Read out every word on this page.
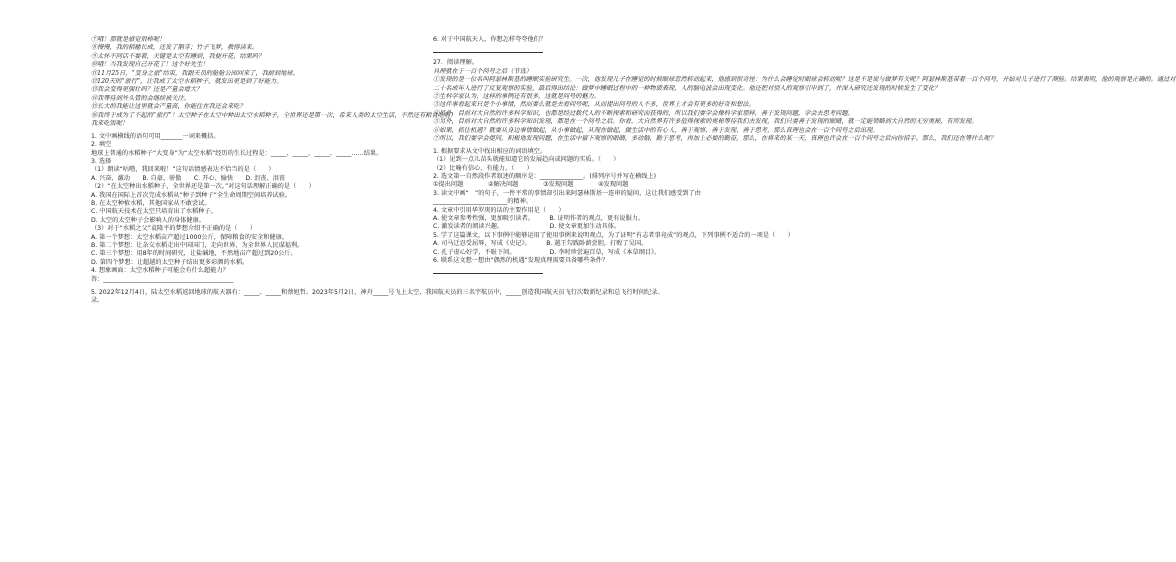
⑦哦！那就是感觉很棒呢！

⑧慢慢，我的稻穗长成，还发了鹅芽；竹子飞梦，教得读来。

⑨太怀不同话不要着，关键是太空有睡到，我便开花、结果吗？

⑩哦！当我发现自己开花了！这个好先生！

⑪11月25日，“变身之旅”结束，我跟天员的舱舱公园回来了，我耐到地球。

⑫120天的“旅行”，让我成了太空水稻种子，就发出更是到了好能力。

⑬我会变得更强壮吗？还是产量会增大？

⑭我等待到外头管的会继续被关注。

⑮长大的我能让这里就会产量高，你能住在我还会来吃？

⑯我终于成为了不起的“旅行”！太空种子在太空中种出太空水稻种子，全世界还是第一次，希来人类的太空生活，不然还有粮食吃啦！

我来吃饭呢！

1. 文中画横线的语句可用_______一词来概括。

2. 填空

地球上普通的水稻种子“大变身”为“太空水稻”经历的生长过程是：_____、_____、_____、_____……结果。

3. 选择

（1）朗读“咕噜，我回来啦！”这句话情感表达不恰当的是（　　）

A. 兴奋、激动　　B. 自豪、骄傲　　C. 开心、愉快　　D. 沮丧、泪丧

（2）“在太空种出水稻种子，全世界还是第一次。”对这句话理解正确的是（　　）

A. 我国在国际上首次完成水稻从“种子到种子”全生命周期空间培养试验。

B. 在太空种植水稻，其他国家从不敢尝试。

C. 中国航天技术在太空只培育出了水稻种子。

D. 太空的太空种子会影响人的身体健康。

（3）对于“水稻之父”袁隆平的梦想介绍不正确的是（　　）

A. 第一个梦想：太空水稻亩产超过1000公斤，保障粮食的安全和健康。

B. 第二个梦想：让杂交水稻走出中国国门，走向世界，为全世界人民谋福利。

C. 第三个梦想：用8年的时间研究，让盐碱地，不然地亩产超过到20公斤。

D. 第四个梦想：让超越的太空种子结出更多彩颜的水稻。

4. 想象画面：太空水稻种子可能会有什么超能力？

答：__________________________________________

5. 2022年12月4日，陆太空水稻返回地球的航天器有：_____、_____和蔡旭哲。2023年5月2日，神舟_____号飞上太空，我国航天员的三名宇航员中，_____创造我国航天员飞行次数新纪录和总飞行时间纪录。

录。

6. 对于中国航天人，你想怎样夸夸他们？

27．阅读理解。

具理就在于一百个问号之后（节选）

①发现的是一位名叫阿瑟林斯基的睡眠实验研究生。一次，他发现儿子在睡觉的时候眼球忽然转动起来，他感到很奇怪：为什么会睡觉时眼球会转动呢？这是不是说与做梦有关呢？阿瑟林斯基带着一百个问号，开始对儿子进行了测验。结果表明，他的观察是正确的。通过对

二十名成年人进行了反复观察的实验，最后得出结论：做梦中睡眠过程中的一种物质表现，人的脑电波会出现变化。他还把对别人的观察引申到了，并深入研究还发现的时候发生了变化？

②生科学家认为，这样的事例还有很多，这就是问号的魅力。

③这件事看起来只是个小事情，然而要么就是去看问号呢，从而提出问号的人不多，世界上才会有更多的好奇和想法。

④另外，目前对大自然的许多科学知识，也都是经过数代人的不断探索和研究而获得的，所以我们要学会像科学家那样，善于发现问题，学会去思考问题。

⑤另外，目前对大自然的许多科学知识发现，都是在一个问号之后。你看，大自然界有许多值得探索的奥秘等待我们去发现，我们只要善于发现的眼睛，就一定能领略到大自然的无穷奥秘，有所发现。

⑥如果，抓住机遇？就要从身边事情做起，从小事做起，从现在做起，做生活中的有心人，善于观察、善于发现、善于思考，那么真理也会在一百个问号之后出现。

⑦所以，我们要学会提问，积极地发现问题，在生活中留下观察的眼睛，多动脑，勤于思考，再加上必要的勤奋，那么，在将来的某一天，真理也许会在一百个问号之后向你招手。那么，我们还在等什么呢？

1. 根据要求从文中找出相应的词语填空。

（1）见到一点儿苗头就能知道它的发展趋向或问题的实质。（　　）

（2）比喻有信心，有能力。（　　）

2. 选文第一自然段作者叙述的顺序是：______________。(排列序号并写在横线上)

①提出问题　　　　②解决问题　　　　③发现问题　　　　④发现问题

3. 读文中画“　”的句子，一件平常的事情却引出来阿瑟林斯基一连串的疑问，这让我们感受到了由

________________________的精神。

4. 文章中引用华罗庚的话的主要作用是（　　）

A. 使文章参考性强，更加吸引读者。　　　B. 证明作者的观点，更有说服力。

C. 激发读者的阅读兴趣。　　　　　　　　D. 使文章更加生动具体。

5. 学了这篇课文，以下事例中能够运用了使用事例来说明观点，为了证明“有志者事竟成”的观点，下列事例不适合的一项是（　　）

A. 司马迁忍受屈辱，写成《史记》。　　　B. 越王勾践卧薪尝胆，打败了吴国。

C. 孔子虚心好学，不耻下问。　　　　　　D. 李时珍尝遍百草，写成《本草纲目》。

6. 联系这文想一想由“偶然的机遇”发现真理需要具备哪些条件？
